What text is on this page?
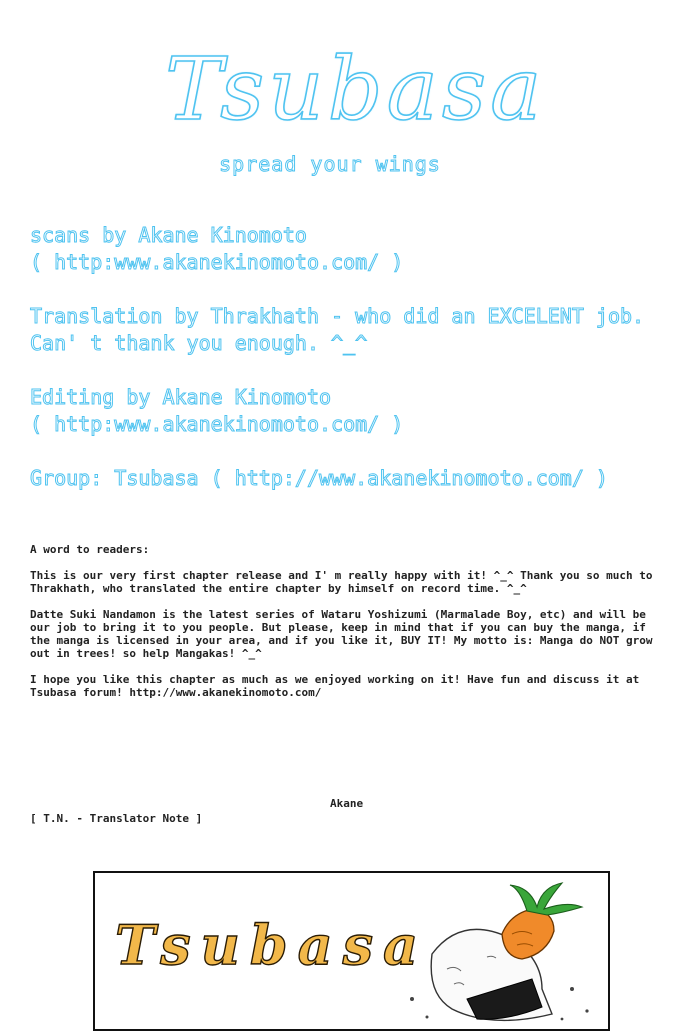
Tsubasa
spread your wings

scans by Akane Kinomoto
( http:www.akanekinomoto.com/ )

Translation by Thrakhath - who did an EXCELENT job.
Can' t thank you enough. ^_^

Editing by Akane Kinomoto
( http:www.akanekinomoto.com/ )

Group: Tsubasa ( http://www.akanekinomoto.com/ )

A word to readers:

This is our very first chapter release and I' m really happy with it! ^_^ Thank you so much to Thrakhath, who translated the entire chapter by himself on record time. ^_^

Datte Suki Nandamon is the latest series of Wataru Yoshizumi (Marmalade Boy, etc) and will be our job to bring it to you people. But please, keep in mind that if you can buy the manga, if the manga is licensed in your area, and if you like it, BUY IT! My motto is: Manga do NOT grow out in trees! so help Mangakas! ^_^

I hope you like this chapter as much as we enjoyed working on it! Have fun and discuss it at Tsubasa forum! http://www.akanekinomoto.com/

Akane
[ T.N. - Translator Note ]
Tsubasa
